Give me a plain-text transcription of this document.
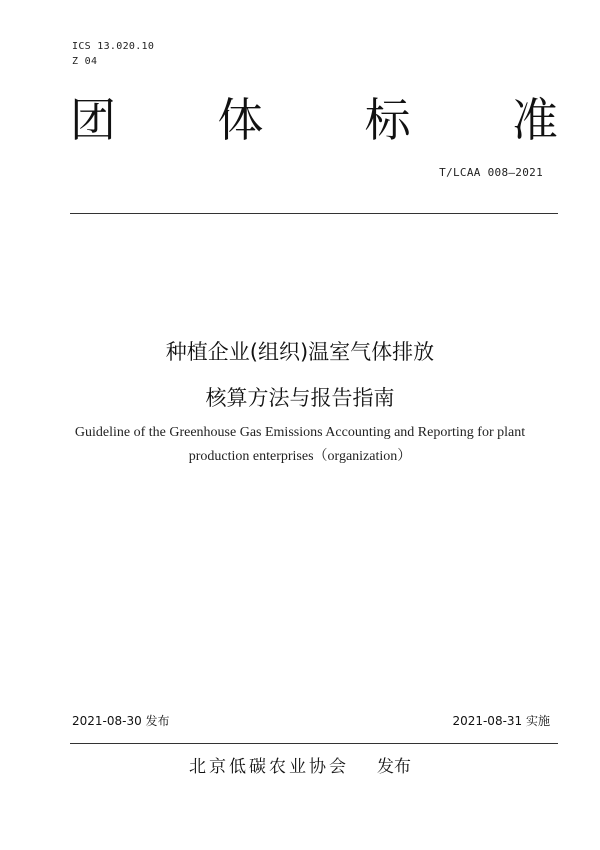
ICS 13.020.10
Z 04
团 体 标 准
T/LCAA 008—2021
种植企业(组织)温室气体排放
核算方法与报告指南
Guideline of the Greenhouse Gas Emissions Accounting and Reporting for plant
production enterprises（organization）
2021-08-30 发布	2021-08-31 实施
北京低碳农业协会 发布
